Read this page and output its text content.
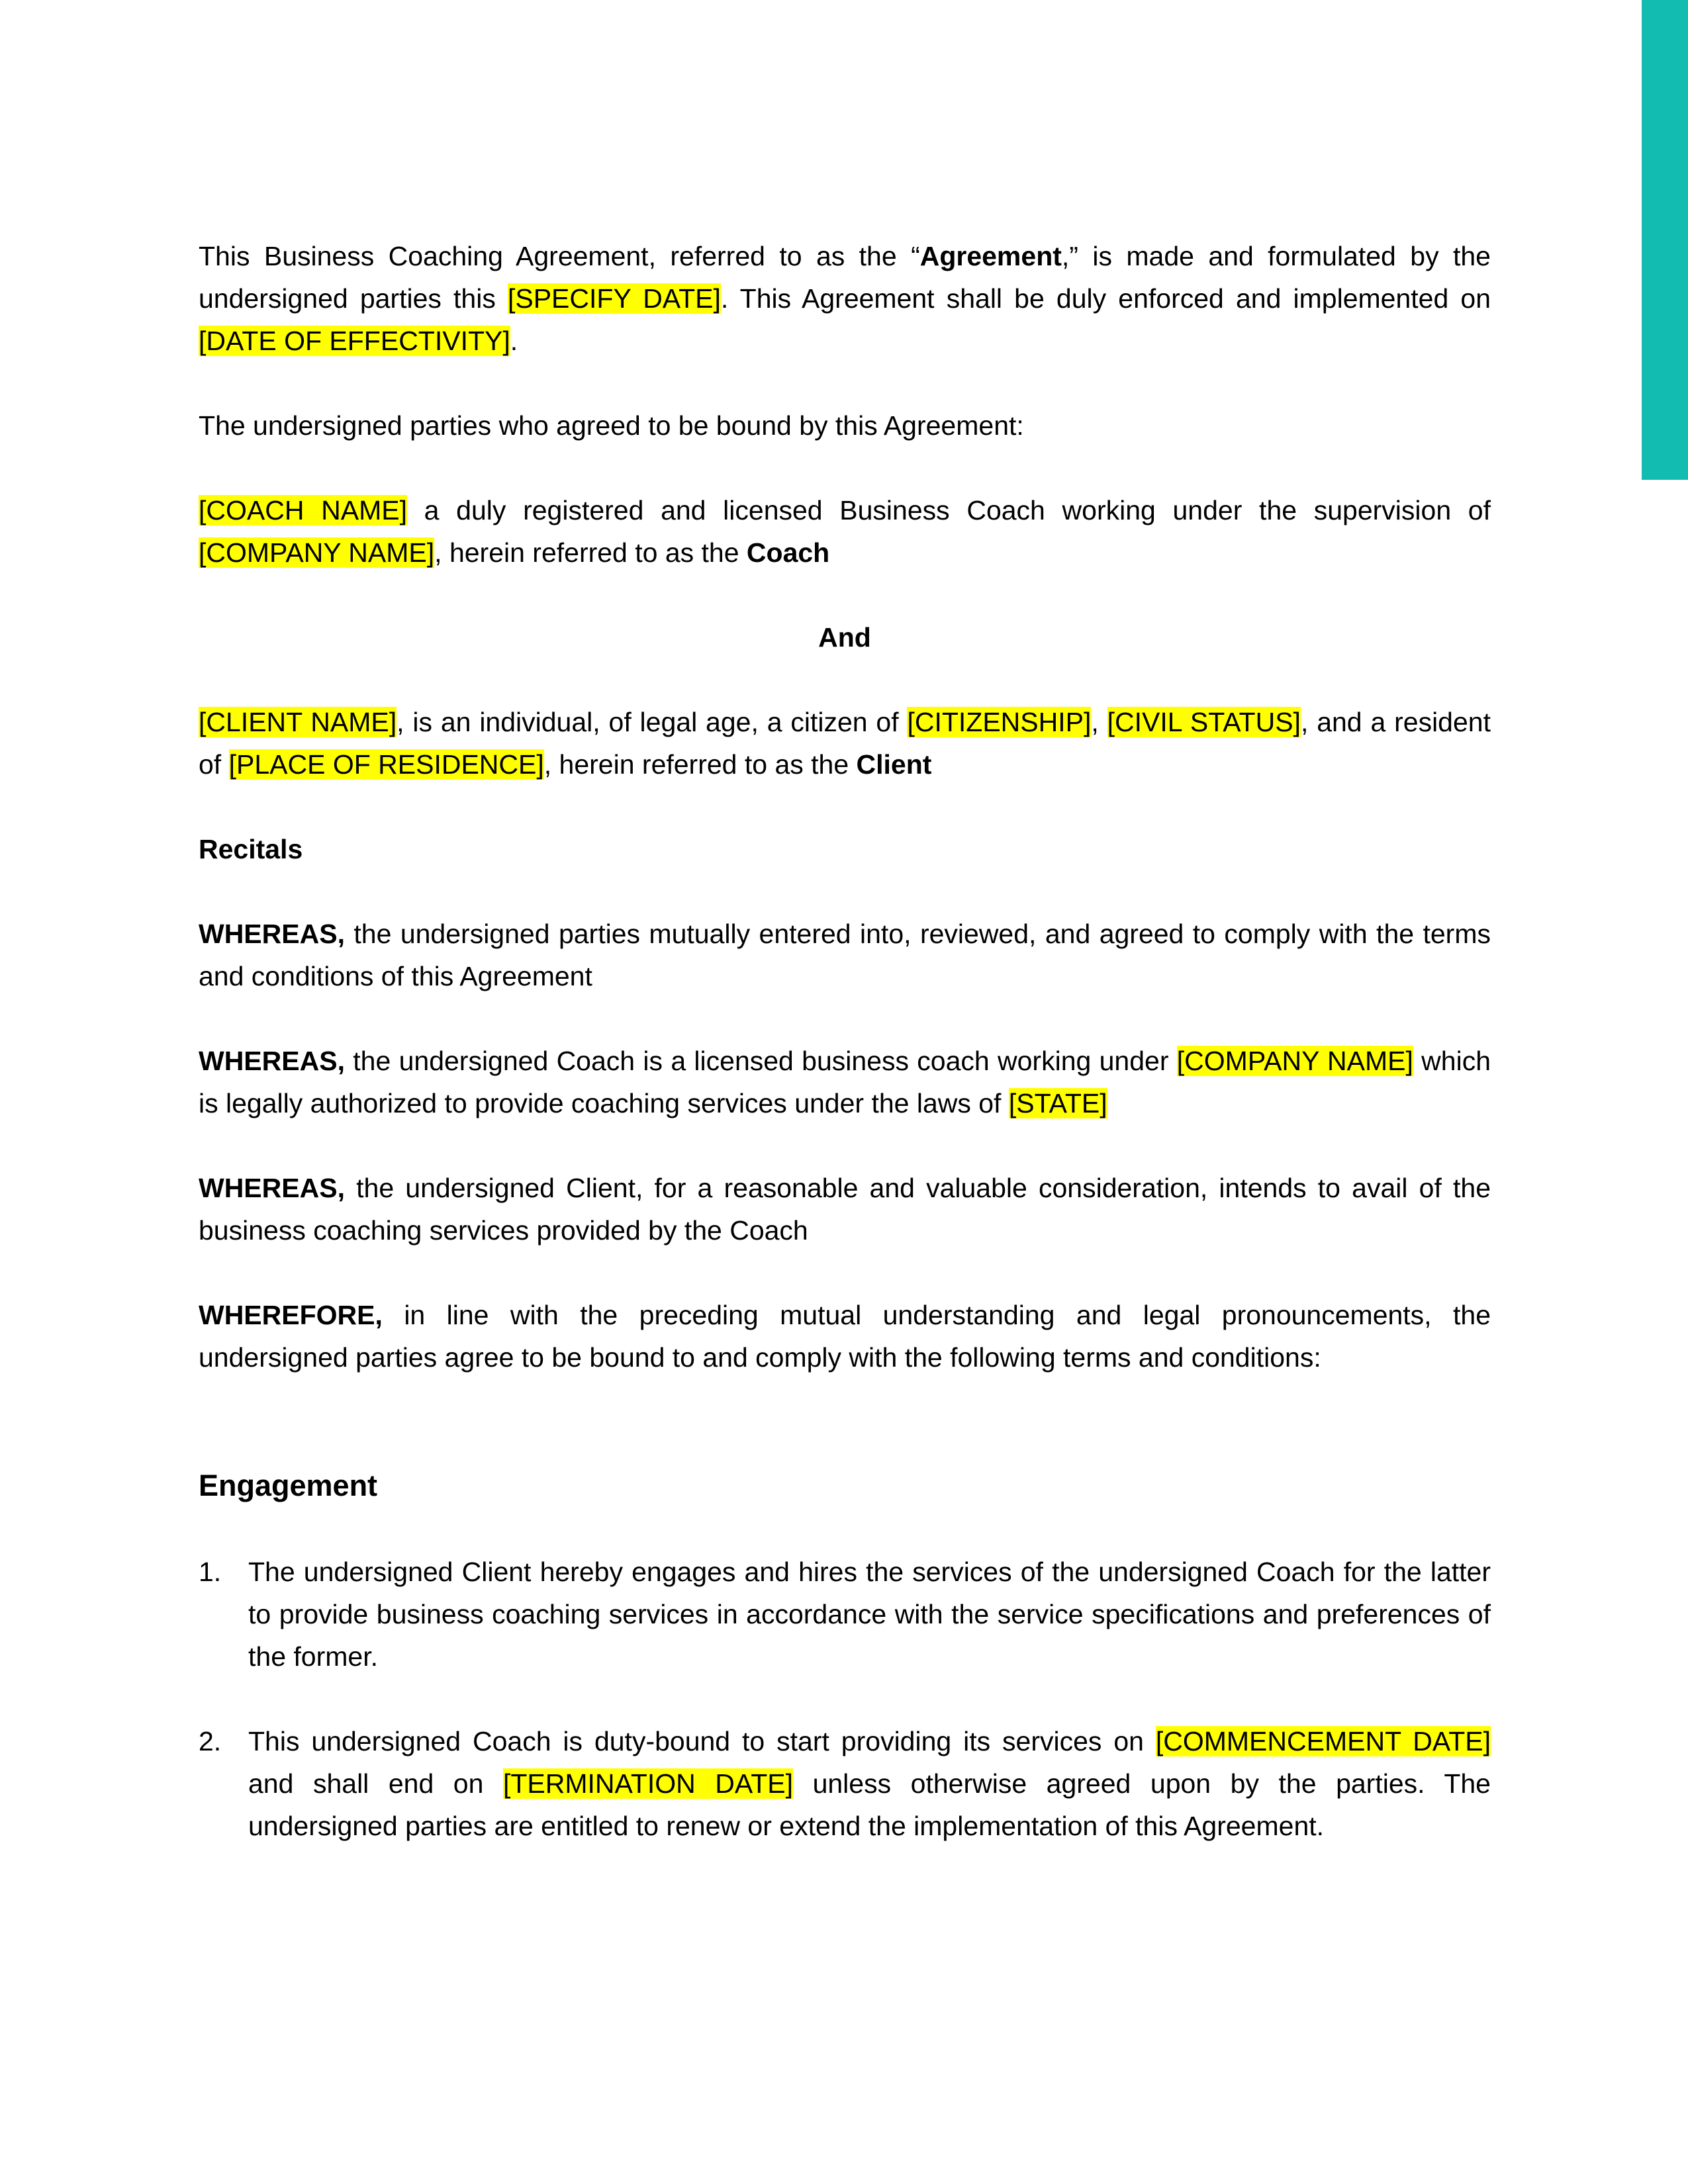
This Business Coaching Agreement, referred to as the “Agreement,” is made and formulated by the undersigned parties this [SPECIFY DATE]. This Agreement shall be duly enforced and implemented on [DATE OF EFFECTIVITY].

The undersigned parties who agreed to be bound by this Agreement:

[COACH NAME] a duly registered and licensed Business Coach working under the supervision of [COMPANY NAME], herein referred to as the Coach

And

[CLIENT NAME], is an individual, of legal age, a citizen of [CITIZENSHIP], [CIVIL STATUS], and a resident of [PLACE OF RESIDENCE], herein referred to as the Client

Recitals

WHEREAS, the undersigned parties mutually entered into, reviewed, and agreed to comply with the terms and conditions of this Agreement

WHEREAS, the undersigned Coach is a licensed business coach working under [COMPANY NAME] which is legally authorized to provide coaching services under the laws of [STATE]

WHEREAS, the undersigned Client, for a reasonable and valuable consideration, intends to avail of the business coaching services provided by the Coach

WHEREFORE, in line with the preceding mutual understanding and legal pronouncements, the undersigned parties agree to be bound to and comply with the following terms and conditions:

Engagement

1. The undersigned Client hereby engages and hires the services of the undersigned Coach for the latter to provide business coaching services in accordance with the service specifications and preferences of the former.
2. This undersigned Coach is duty-bound to start providing its services on [COMMENCEMENT DATE] and shall end on [TERMINATION DATE] unless otherwise agreed upon by the parties. The undersigned parties are entitled to renew or extend the implementation of this Agreement.
